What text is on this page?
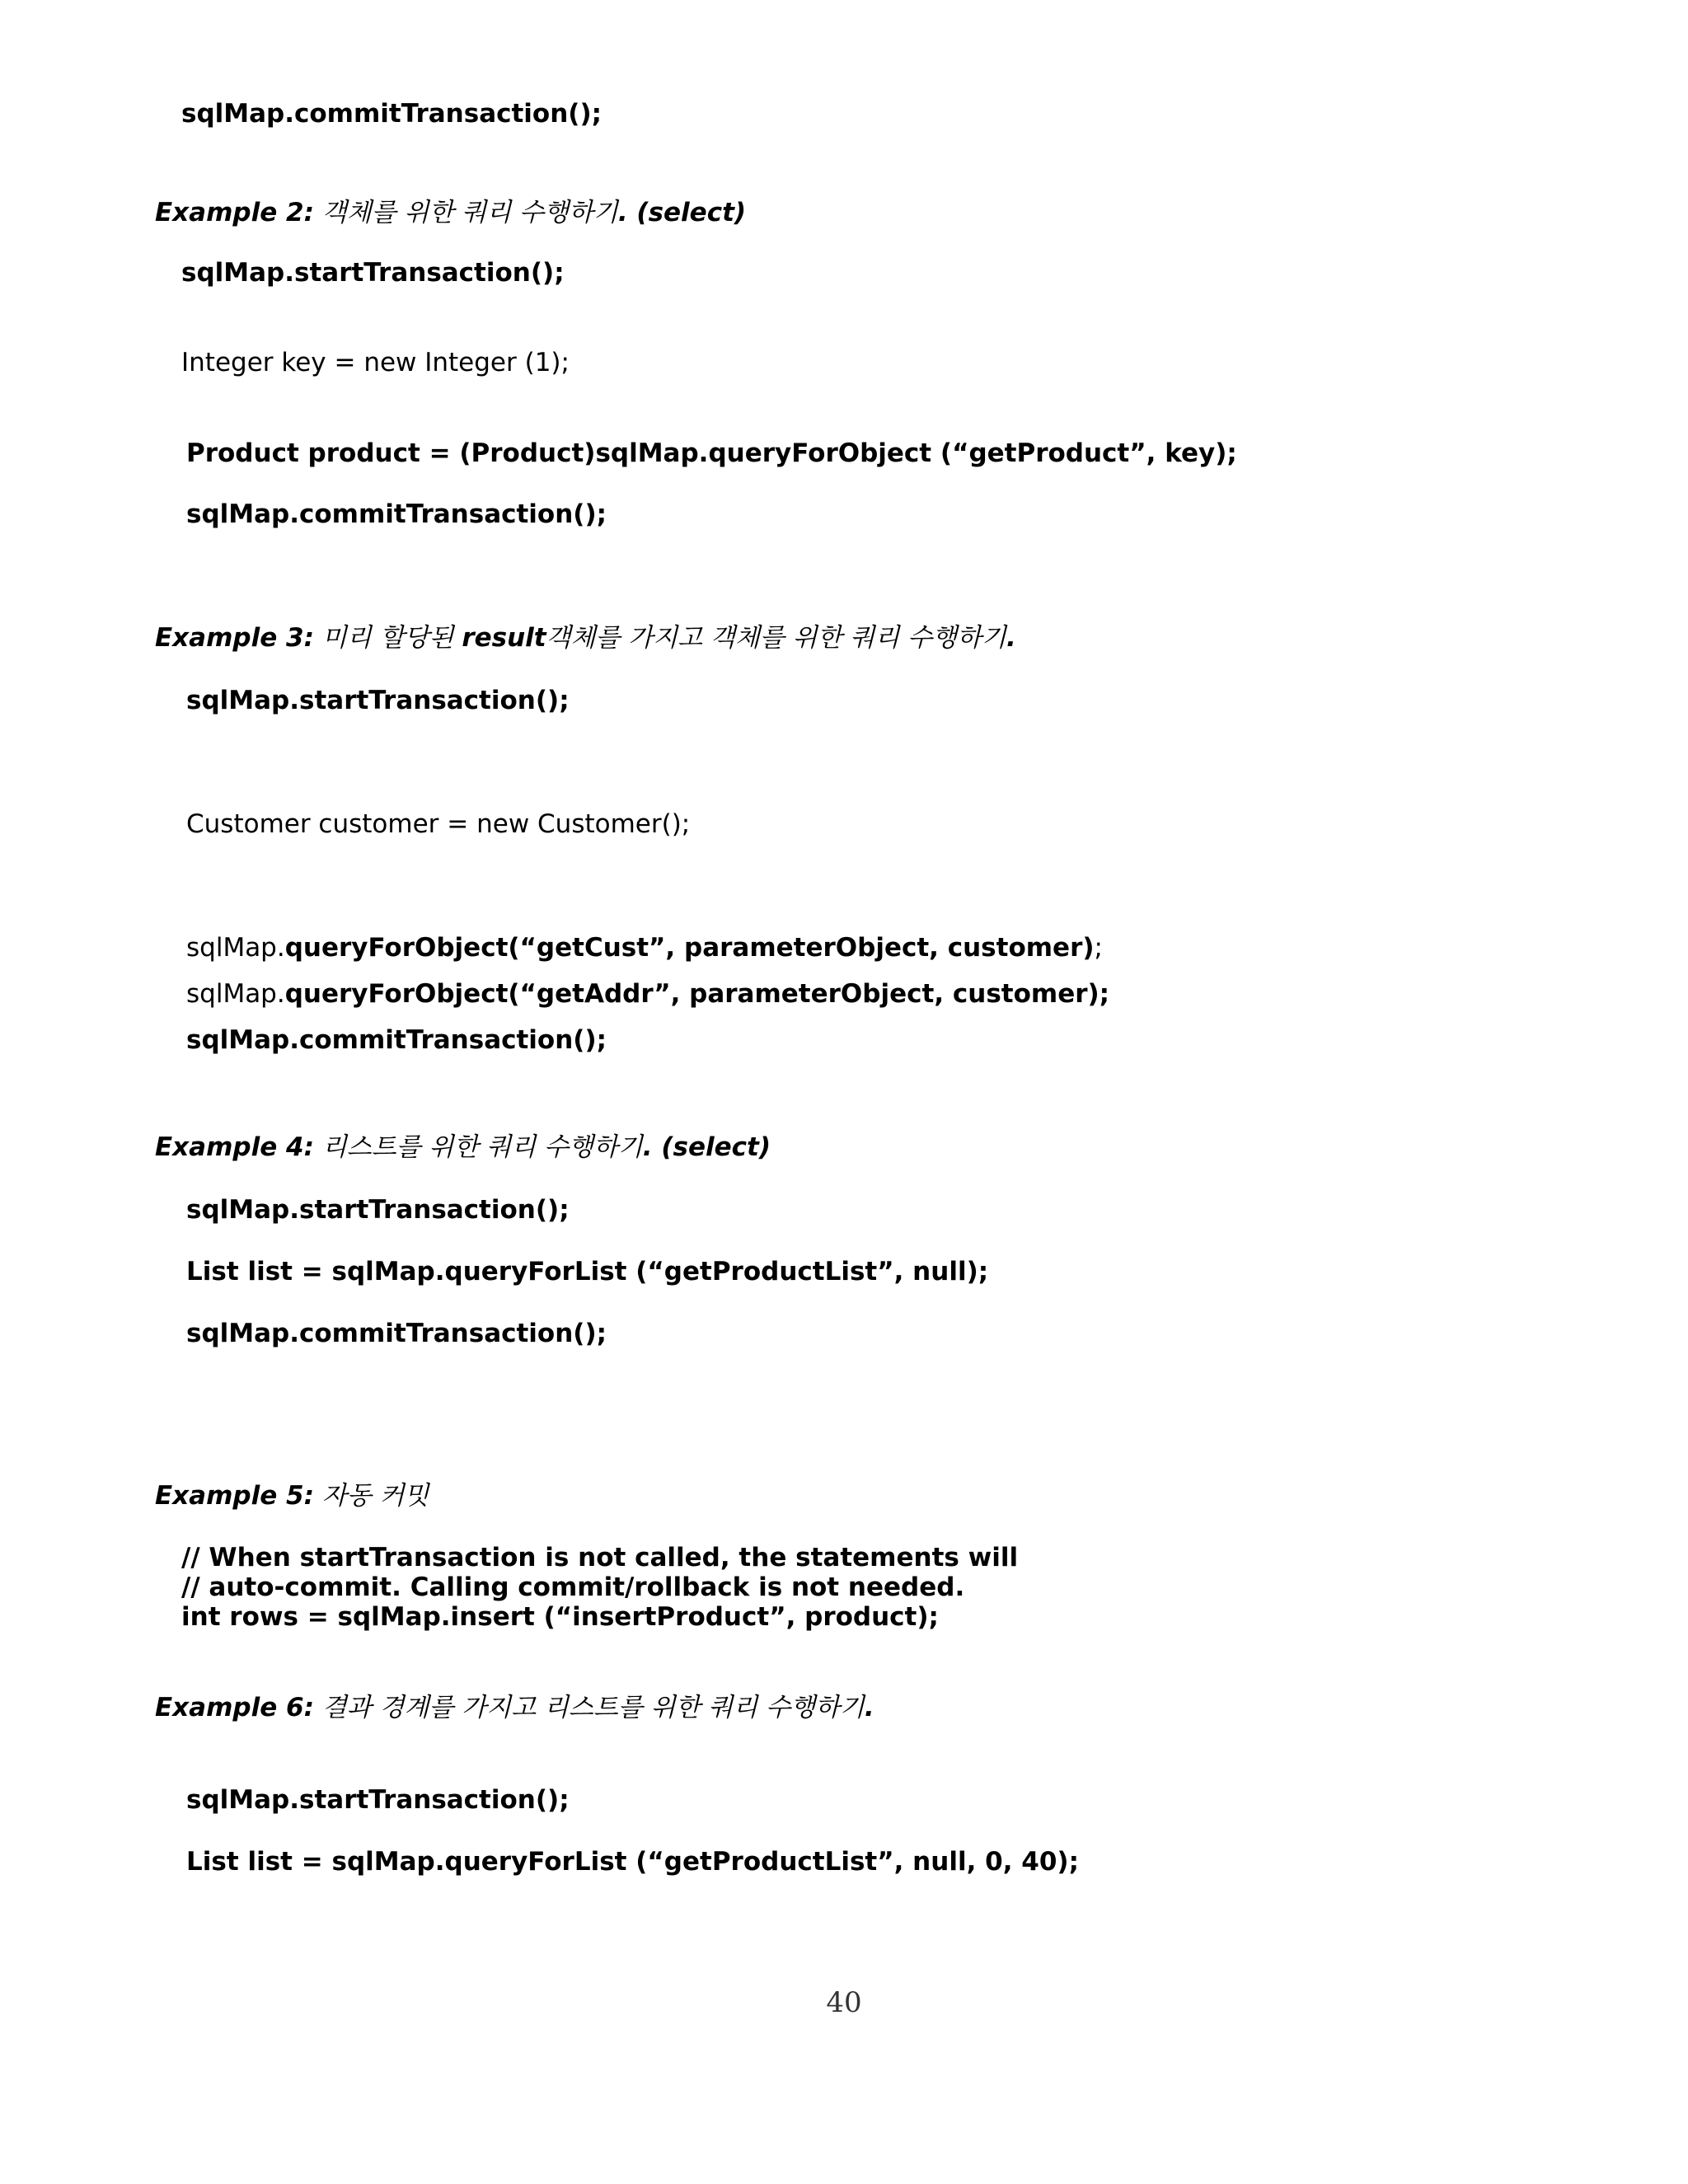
sqlMap.commitTransaction();
Example 2: 객체를 위한 쿼리 수행하기. (select)
sqlMap.startTransaction();
Integer key = new Integer (1);
Product product = (Product)sqlMap.queryForObject (“getProduct”, key);
sqlMap.commitTransaction();
Example 3: 미리 할당된 result객체를 가지고 객체를 위한 쿼리 수행하기.
sqlMap.startTransaction();
Customer customer = new Customer();
sqlMap.queryForObject(“getCust”, parameterObject, customer);
sqlMap.queryForObject(“getAddr”, parameterObject, customer);
sqlMap.commitTransaction();
Example 4: 리스트를 위한 쿼리 수행하기. (select)
sqlMap.startTransaction();
List list = sqlMap.queryForList (“getProductList”, null);
sqlMap.commitTransaction();
Example 5: 자동 커밋
// When startTransaction is not called, the statements will
// auto-commit. Calling commit/rollback is not needed.
int rows = sqlMap.insert (“insertProduct”, product);
Example 6: 결과 경계를 가지고 리스트를 위한 쿼리 수행하기.
sqlMap.startTransaction();
List list = sqlMap.queryForList (“getProductList”, null, 0, 40);
40
